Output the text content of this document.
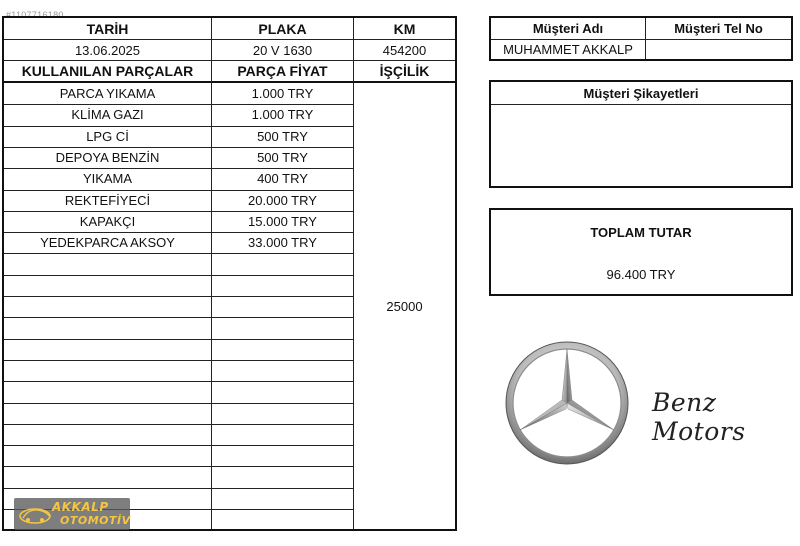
#1107716180
TARİH	PLAKA	KM
13.06.2025	20 V 1630	454200
KULLANILAN PARÇALAR	PARÇA FİYAT	İŞÇİLİK
PARCA YIKAMA	1.000 TRY
KLİMA GAZI	1.000 TRY
LPG Cİ	500 TRY
DEPOYA BENZİN	500 TRY
YIKAMA	400 TRY
REKTEFİYECİ	20.000 TRY
KAPAKÇI	15.000 TRY
YEDEKPARCA AKSOY	33.000 TRY
25000
Müşteri Adı	Müşteri Tel No
MUHAMMET AKKALP
Müşteri Şikayetleri
TOPLAM TUTAR
96.400 TRY
Benz Motors
AKKALP
OTOMOTİV
